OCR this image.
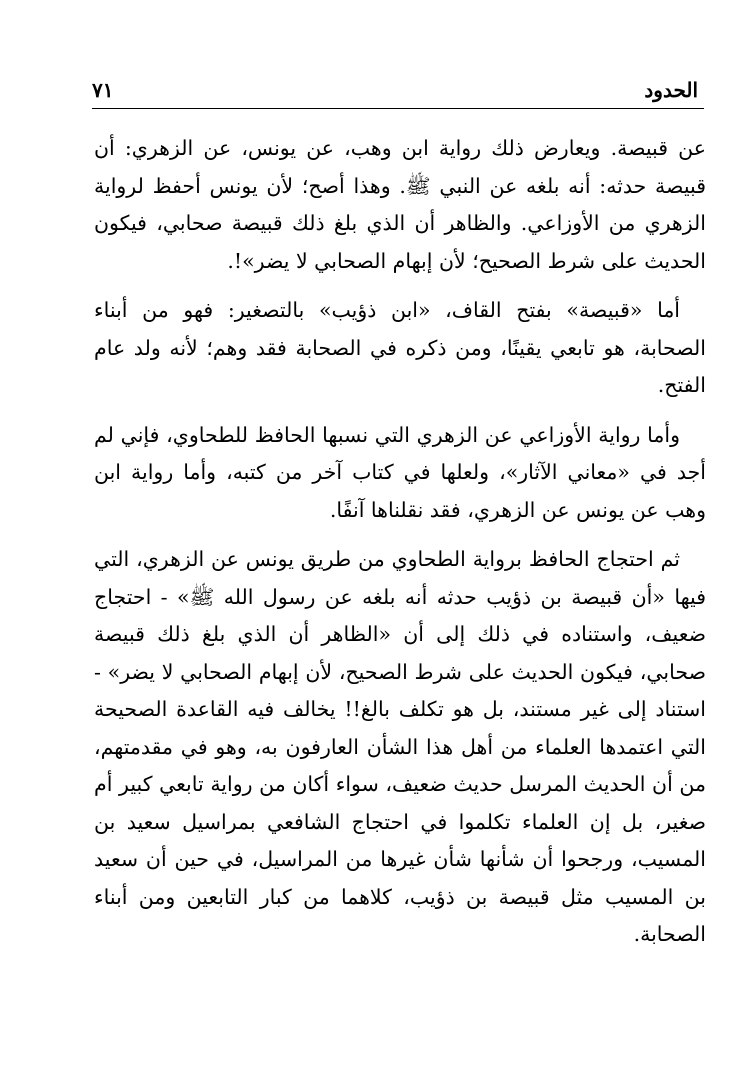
الحدود
٧١

عن قبيصة. ويعارض ذلك رواية ابن وهب، عن يونس، عن الزهري: أن قبيصة حدثه: أنه بلغه عن النبي ﷺ. وهذا أصح؛ لأن يونس أحفظ لرواية الزهري من الأوزاعي. والظاهر أن الذي بلغ ذلك قبيصة صحابي، فيكون الحديث على شرط الصحيح؛ لأن إبهام الصحابي لا يضر»!.

أما «قبيصة» بفتح القاف، «ابن ذؤيب» بالتصغير: فهو من أبناء الصحابة، هو تابعي يقينًا، ومن ذكره في الصحابة فقد وهم؛ لأنه ولد عام الفتح.

وأما رواية الأوزاعي عن الزهري التي نسبها الحافظ للطحاوي، فإني لم أجد في «معاني الآثار»، ولعلها في كتاب آخر من كتبه، وأما رواية ابن وهب عن يونس عن الزهري، فقد نقلناها آنفًا.

ثم احتجاج الحافظ برواية الطحاوي من طريق يونس عن الزهري، التي فيها «أن قبيصة بن ذؤيب حدثه أنه بلغه عن رسول الله ﷺ» - احتجاج ضعيف، واستناده في ذلك إلى أن «الظاهر أن الذي بلغ ذلك قبيصة صحابي، فيكون الحديث على شرط الصحيح، لأن إبهام الصحابي لا يضر» - استناد إلى غير مستند، بل هو تكلف بالغ!! يخالف فيه القاعدة الصحيحة التي اعتمدها العلماء من أهل هذا الشأن العارفون به، وهو في مقدمتهم، من أن الحديث المرسل حديث ضعيف، سواء أكان من رواية تابعي كبير أم صغير، بل إن العلماء تكلموا في احتجاج الشافعي بمراسيل سعيد بن المسيب، ورجحوا أن شأنها شأن غيرها من المراسيل، في حين أن سعيد بن المسيب مثل قبيصة بن ذؤيب، كلاهما من كبار التابعين ومن أبناء الصحابة.
